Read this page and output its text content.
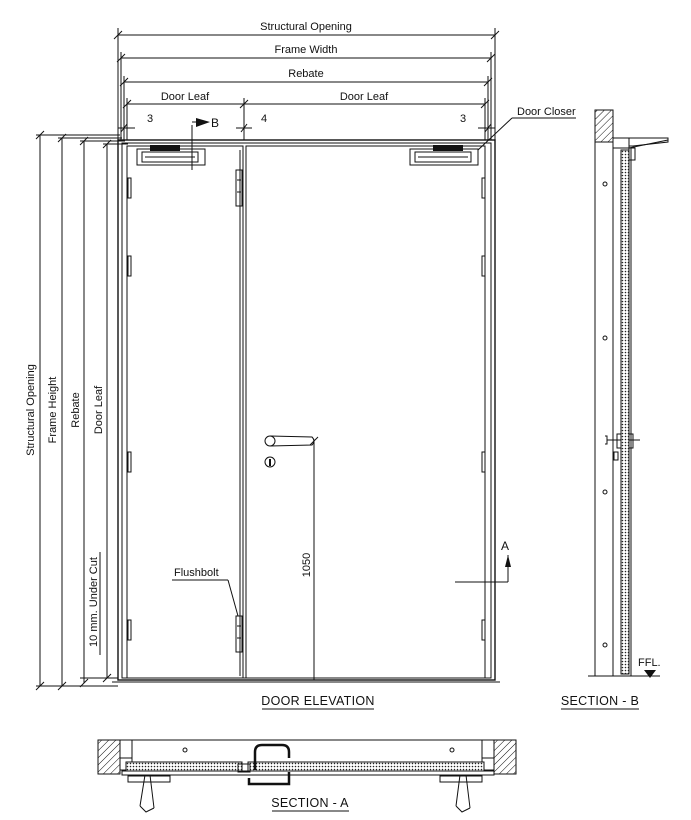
Structural Opening
Frame Width
Rebate
Door Leaf	Door Leaf
3	4	3
Structural Opening Frame Height Rebate Door Leaf
10 mm. Under Cut	1050
B
A
Door Closer
Flushbolt
DOOR ELEVATION
FFL.
SECTION - B
SECTION - A
